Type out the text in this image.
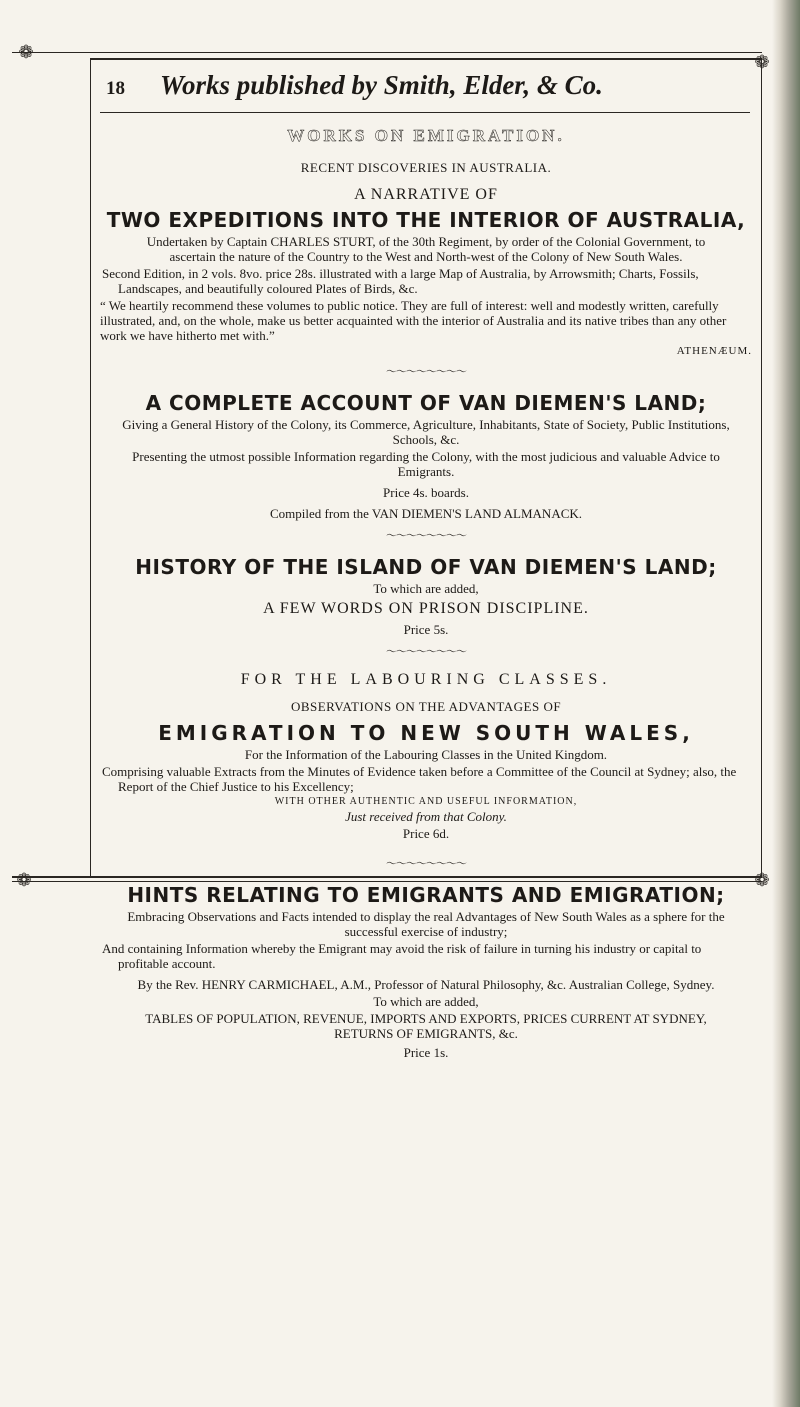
❁	❁
❁	❁
18 Works published by Smith, Elder, & Co.
WORKS ON EMIGRATION.
RECENT DISCOVERIES IN AUSTRALIA.
A NARRATIVE OF
TWO EXPEDITIONS INTO THE INTERIOR OF AUSTRALIA,
Undertaken by Captain CHARLES STURT, of the 30th Regiment, by order of the Colonial Government, to ascertain the nature of the Country to the West and North-west of the Colony of New South Wales.
Second Edition, in 2 vols. 8vo. price 28s. illustrated with a large Map of Australia, by Arrowsmith; Charts, Fossils, Landscapes, and beautifully coloured Plates of Birds, &c.
“ We heartily recommend these volumes to public notice. They are full of interest: well and modestly written, carefully illustrated, and, on the whole, make us better acquainted with the interior of Australia and its native tribes than any other work we have hitherto met with.”
ATHENÆUM.
〜〜〜〜〜〜〜〜
A COMPLETE ACCOUNT OF VAN DIEMEN'S LAND;
Giving a General History of the Colony, its Commerce, Agriculture, Inhabitants, State of Society, Public Institutions, Schools, &c.
Presenting the utmost possible Information regarding the Colony, with the most judicious and valuable Advice to Emigrants.
Price 4s. boards.
Compiled from the VAN DIEMEN'S LAND ALMANACK.
〜〜〜〜〜〜〜〜
HISTORY OF THE ISLAND OF VAN DIEMEN'S LAND;
To which are added,
A FEW WORDS ON PRISON DISCIPLINE.
Price 5s.
〜〜〜〜〜〜〜〜
FOR THE LABOURING CLASSES.
OBSERVATIONS ON THE ADVANTAGES OF
EMIGRATION TO NEW SOUTH WALES,
For the Information of the Labouring Classes in the United Kingdom.
Comprising valuable Extracts from the Minutes of Evidence taken before a Committee of the Council at Sydney; also, the Report of the Chief Justice to his Excellency;
WITH OTHER AUTHENTIC AND USEFUL INFORMATION,
Just received from that Colony.
Price 6d.
〜〜〜〜〜〜〜〜
HINTS RELATING TO EMIGRANTS AND EMIGRATION;
Embracing Observations and Facts intended to display the real Advantages of New South Wales as a sphere for the successful exercise of industry;
And containing Information whereby the Emigrant may avoid the risk of failure in turning his industry or capital to profitable account.
By the Rev. HENRY CARMICHAEL, A.M., Professor of Natural Philosophy, &c. Australian College, Sydney.
To which are added,
TABLES OF POPULATION, REVENUE, IMPORTS AND EXPORTS, PRICES CURRENT AT SYDNEY, RETURNS OF EMIGRANTS, &c.
Price 1s.
